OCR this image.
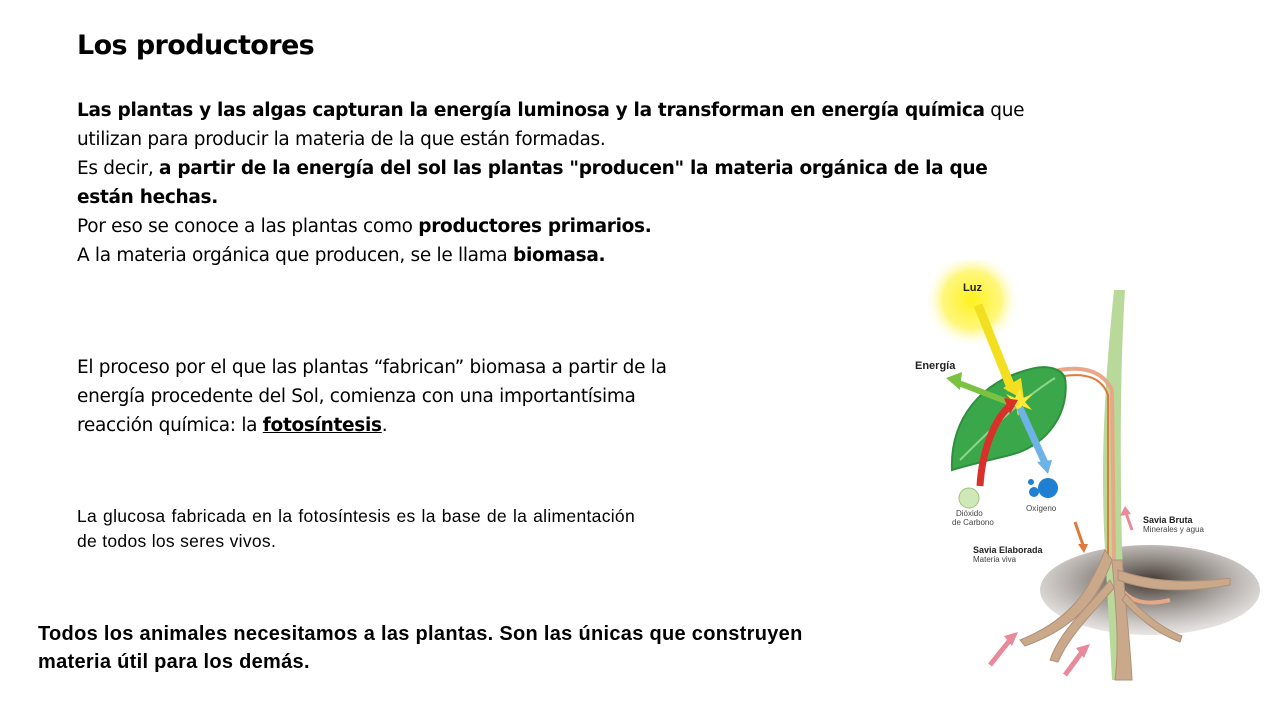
Los productores

Las plantas y las algas capturan la energía luminosa y la transforman en energía química que utilizan para producir la materia de la que están formadas.

Es decir, a partir de la energía del sol las plantas "producen" la materia orgánica de la que están hechas.

Por eso se conoce a las plantas como productores primarios.

A la materia orgánica que producen, se le llama biomasa.

El proceso por el que las plantas “fabrican” biomasa a partir de la energía procedente del Sol, comienza con una importantísima reacción química: la fotosíntesis.

La glucosa fabricada en la fotosíntesis es la base de la alimentación de todos los seres vivos.

Todos los animales necesitamos a las plantas. Son las únicas que construyen materia útil para los demás.

Luz
Energía
Dióxido
de Carbono
Oxígeno
Savia Bruta
Minerales y agua
Savia Elaborada
Materia viva
